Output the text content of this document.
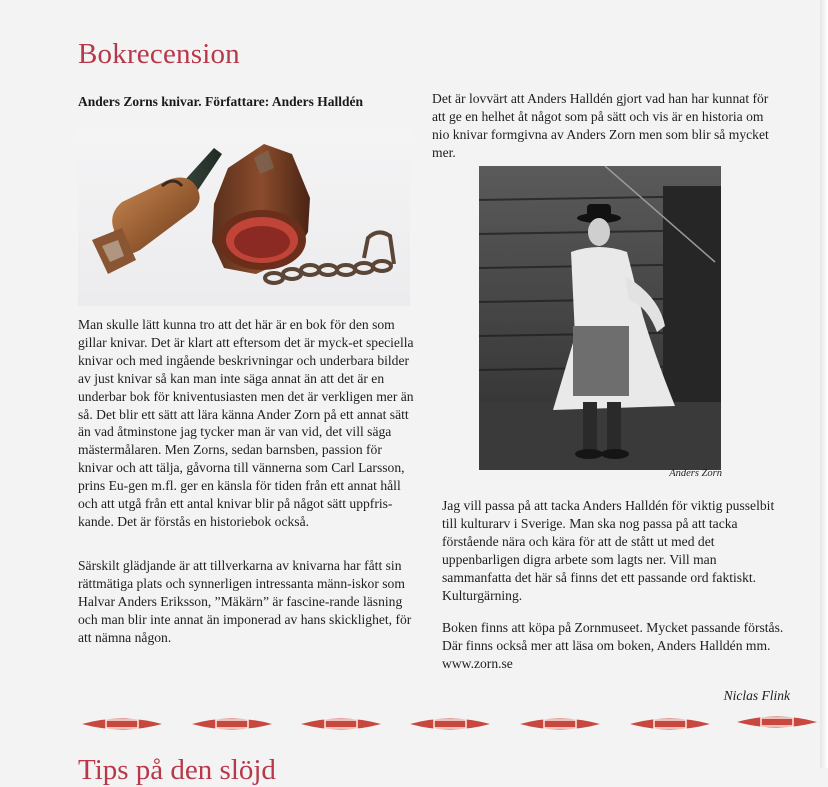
Bokrecension
Anders Zorns knivar. Författare: Anders Halldén

Man skulle lätt kunna tro att det här är en bok för den som gillar knivar. Det är klart att eftersom det är myck-et speciella knivar och med ingående beskrivningar och underbara bilder av just knivar så kan man inte säga annat än att det är en underbar bok för kniventusiasten men det är verkligen mer än så. Det blir ett sätt att lära känna Ander Zorn på ett annat sätt än vad åtminstone jag tycker man är van vid, det vill säga mästermålaren. Men Zorns, sedan barnsben, passion för knivar och att tälja, gåvorna till vännerna som Carl Larsson, prins Eu-gen m.fl. ger en känsla för tiden från ett annat håll och att utgå från ett antal knivar blir på något sätt uppfris-kande. Det är förstås en historiebok också.

Särskilt glädjande är att tillverkarna av knivarna har fått sin rättmätiga plats och synnerligen intressanta männ-iskor som Halvar Anders Eriksson, ”Mäkärn” är fascine-rande läsning och man blir inte annat än imponerad av hans skicklighet, för att nämna någon.

Det är lovvärt att Anders Halldén gjort vad han har kunnat för att ge en helhet åt något som på sätt och vis är en historia om nio knivar formgivna av Anders Zorn men som blir så mycket mer.

Anders Zorn

Jag vill passa på att tacka Anders Halldén för viktig pusselbit till kulturarv i Sverige. Man ska nog passa på att tacka förstående nära och kära för att de stått ut med det uppenbarligen digra arbete som lagts ner. Vill man sammanfatta det här så finns det ett passande ord faktiskt. Kulturgärning.

Boken finns att köpa på Zornmuseet. Mycket passande förstås. Där finns också mer att läsa om boken, Anders Halldén mm. www.zorn.se

Niclas Flink
Tips på den slöjd
